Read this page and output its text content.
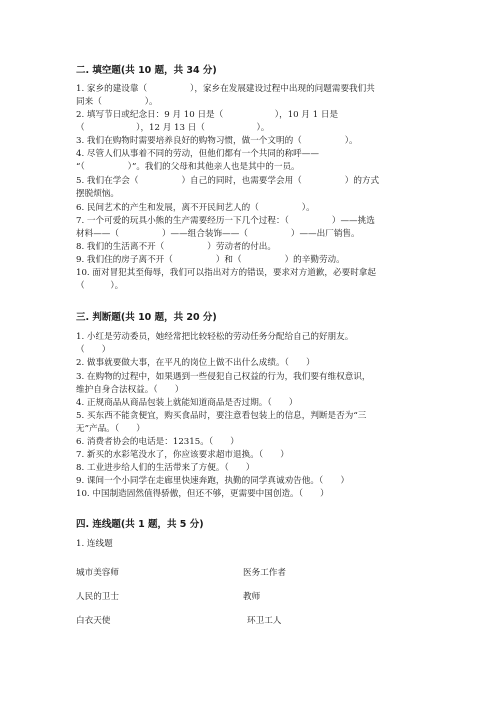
二. 填空题(共 10 题，共 34 分)
1. 家乡的建设靠（　　　　　），家乡在发展建设过程中出现的问题需要我们共
同来（　　　　　）。
2. 填写节日或纪念日：9 月 10 日是（　　　　　　），10 月 1 日是
（　　　　　　），12 月 13 日（　　　　　　）。
3. 我们在购物时需要培养良好的购物习惯，做一个文明的（　　　　　）。
4. 尽管人们从事着不同的劳动，但他们都有一个共同的称呼——
“（　　　　　）”。我们的父母和其他亲人也是其中的一员。
5. 我们在学会（　　　　　）自己的同时，也需要学会用（　　　　　）的方式
摆脱烦恼。
6. 民间艺术的产生和发展，离不开民间艺人的（　　　　　）。
7. 一个可爱的玩具小熊的生产需要经历一下几个过程：（　　　　　）——挑选
材料——（　　　　　）——组合装饰——（　　　　　）——出厂销售。
8. 我们的生活离不开（　　　　　）劳动者的付出。
9. 我们住的房子离不开（　　　　　）和（　　　　　）的辛勤劳动。
10. 面对冒犯其至侮辱，我们可以指出对方的错误，要求对方道歉，必要时拿起
（　　　）。
三. 判断题(共 10 题，共 20 分)
1. 小红是劳动委员，她经常把比较轻松的劳动任务分配给自己的好朋友。
（　　）
2. 做事就要做大事，在平凡的岗位上做不出什么成绩。（　　）
3. 在购物的过程中，如果遇到一些侵犯自己权益的行为，我们要有维权意识，
维护自身合法权益。（　　）
4. 正规商品从商品包装上就能知道商品是否过期。（　　）
5. 买东西不能贪便宜，购买食品时，要注意看包装上的信息，判断是否为“三
无”产品。（　　）
6. 消费者协会的电话是：12315。（　　）
7. 新买的水彩笔没水了，你应该要求超市退换。（　　）
8. 工业进步给人们的生活带来了方便。（　　）
9. 课间一个小同学在走廊里快速奔跑，执勤的同学真诚劝告他。（　　）
10. 中国制造固然值得骄傲，但还不够，更需要中国创造。（　　）
四. 连线题(共 1 题，共 5 分)
1. 连线题
城市美容师
人民的卫士
白衣天使
医务工作者
教师
环卫工人
